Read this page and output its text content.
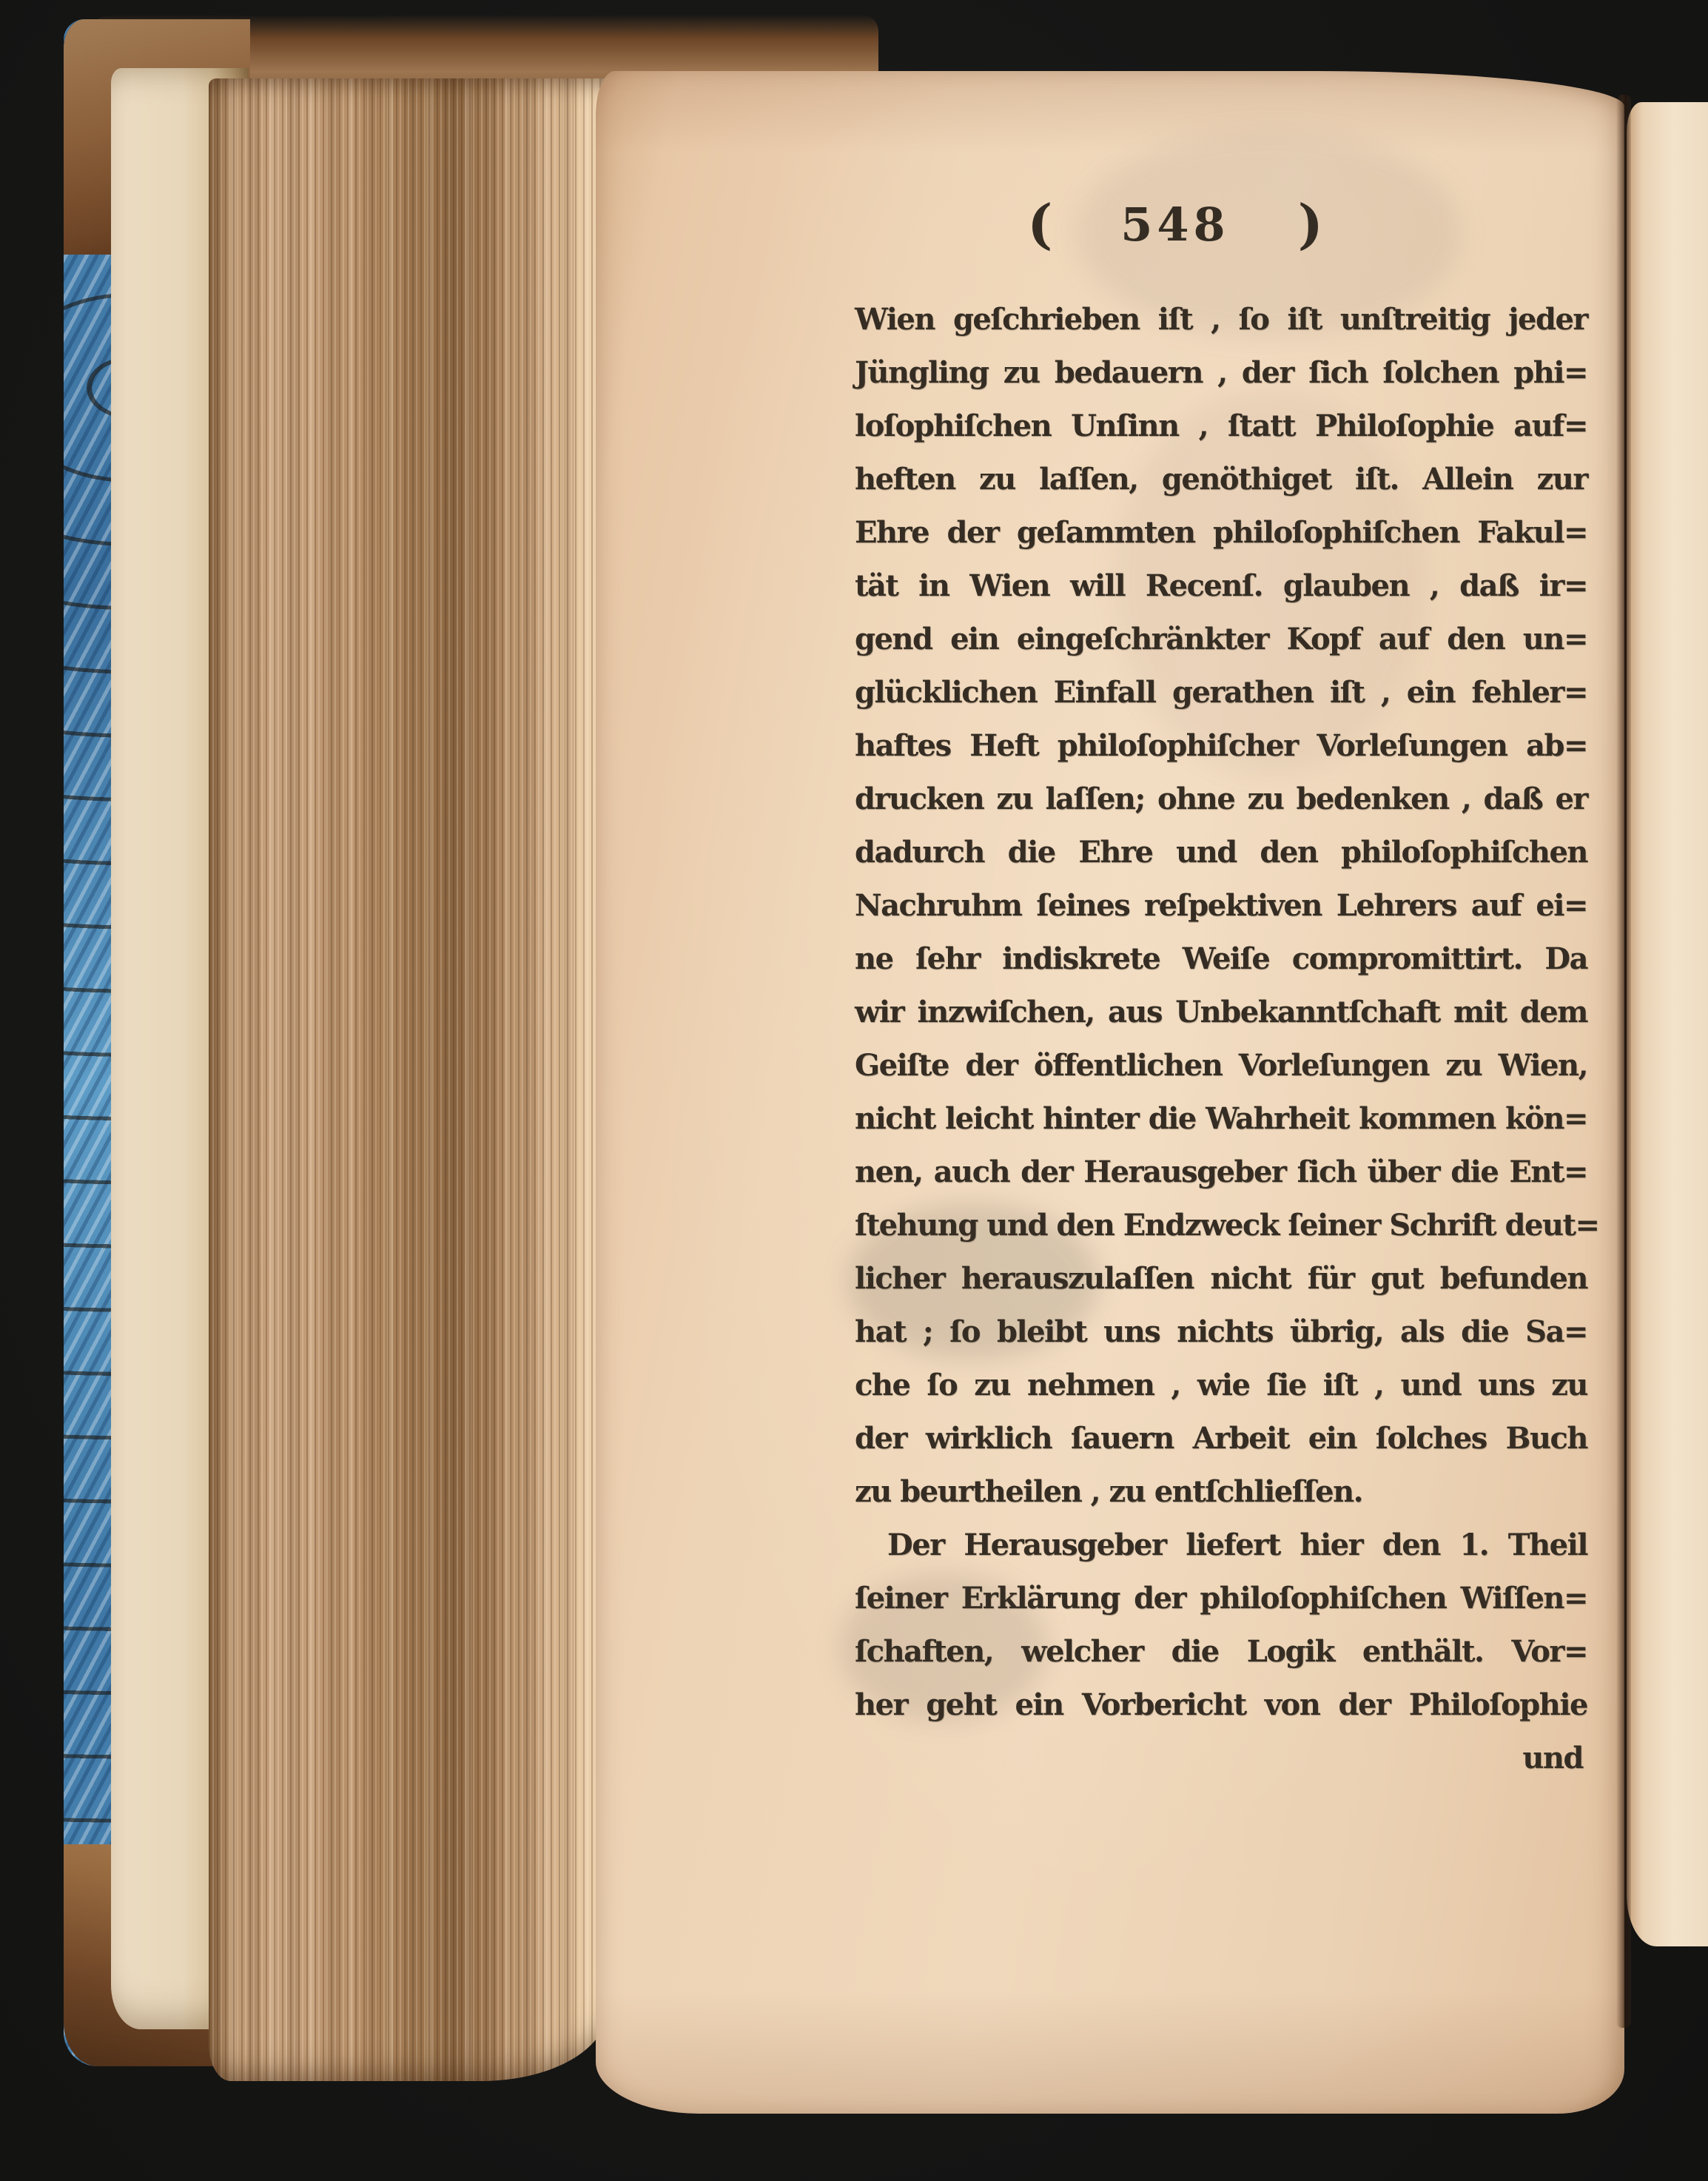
( 548 )
Wien geſchrieben iſt , ſo iſt unſtreitig jeder
Jüngling zu bedauern , der ſich ſolchen phi=
loſophiſchen Unſinn , ſtatt Philoſophie auf=
heften zu laſſen, genöthiget iſt. Allein zur
Ehre der geſammten philoſophiſchen Fakul=
tät in Wien will Recenſ. glauben , daß ir=
gend ein eingeſchränkter Kopf auf den un=
glücklichen Einfall gerathen iſt , ein fehler=
haftes Heft philoſophiſcher Vorleſungen ab=
drucken zu laſſen; ohne zu bedenken , daß er
dadurch die Ehre und den philoſophiſchen
Nachruhm ſeines reſpektiven Lehrers auf ei=
ne ſehr indiskrete Weiſe compromittirt. Da
wir inzwiſchen, aus Unbekanntſchaft mit dem
Geiſte der öffentlichen Vorleſungen zu Wien,
nicht leicht hinter die Wahrheit kommen kön=
nen, auch der Herausgeber ſich über die Ent=
ſtehung und den Endzweck ſeiner Schrift deut=
licher herauszulaſſen nicht für gut befunden
hat ; ſo bleibt uns nichts übrig, als die Sa=
che ſo zu nehmen , wie ſie iſt , und uns zu
der wirklich ſauern Arbeit ein ſolches Buch
zu beurtheilen , zu entſchlieſſen.
Der Herausgeber liefert hier den 1. Theil
ſeiner Erklärung der philoſophiſchen Wiſſen=
ſchaften, welcher die Logik enthält. Vor=
her geht ein Vorbericht von der Philoſophie
und
